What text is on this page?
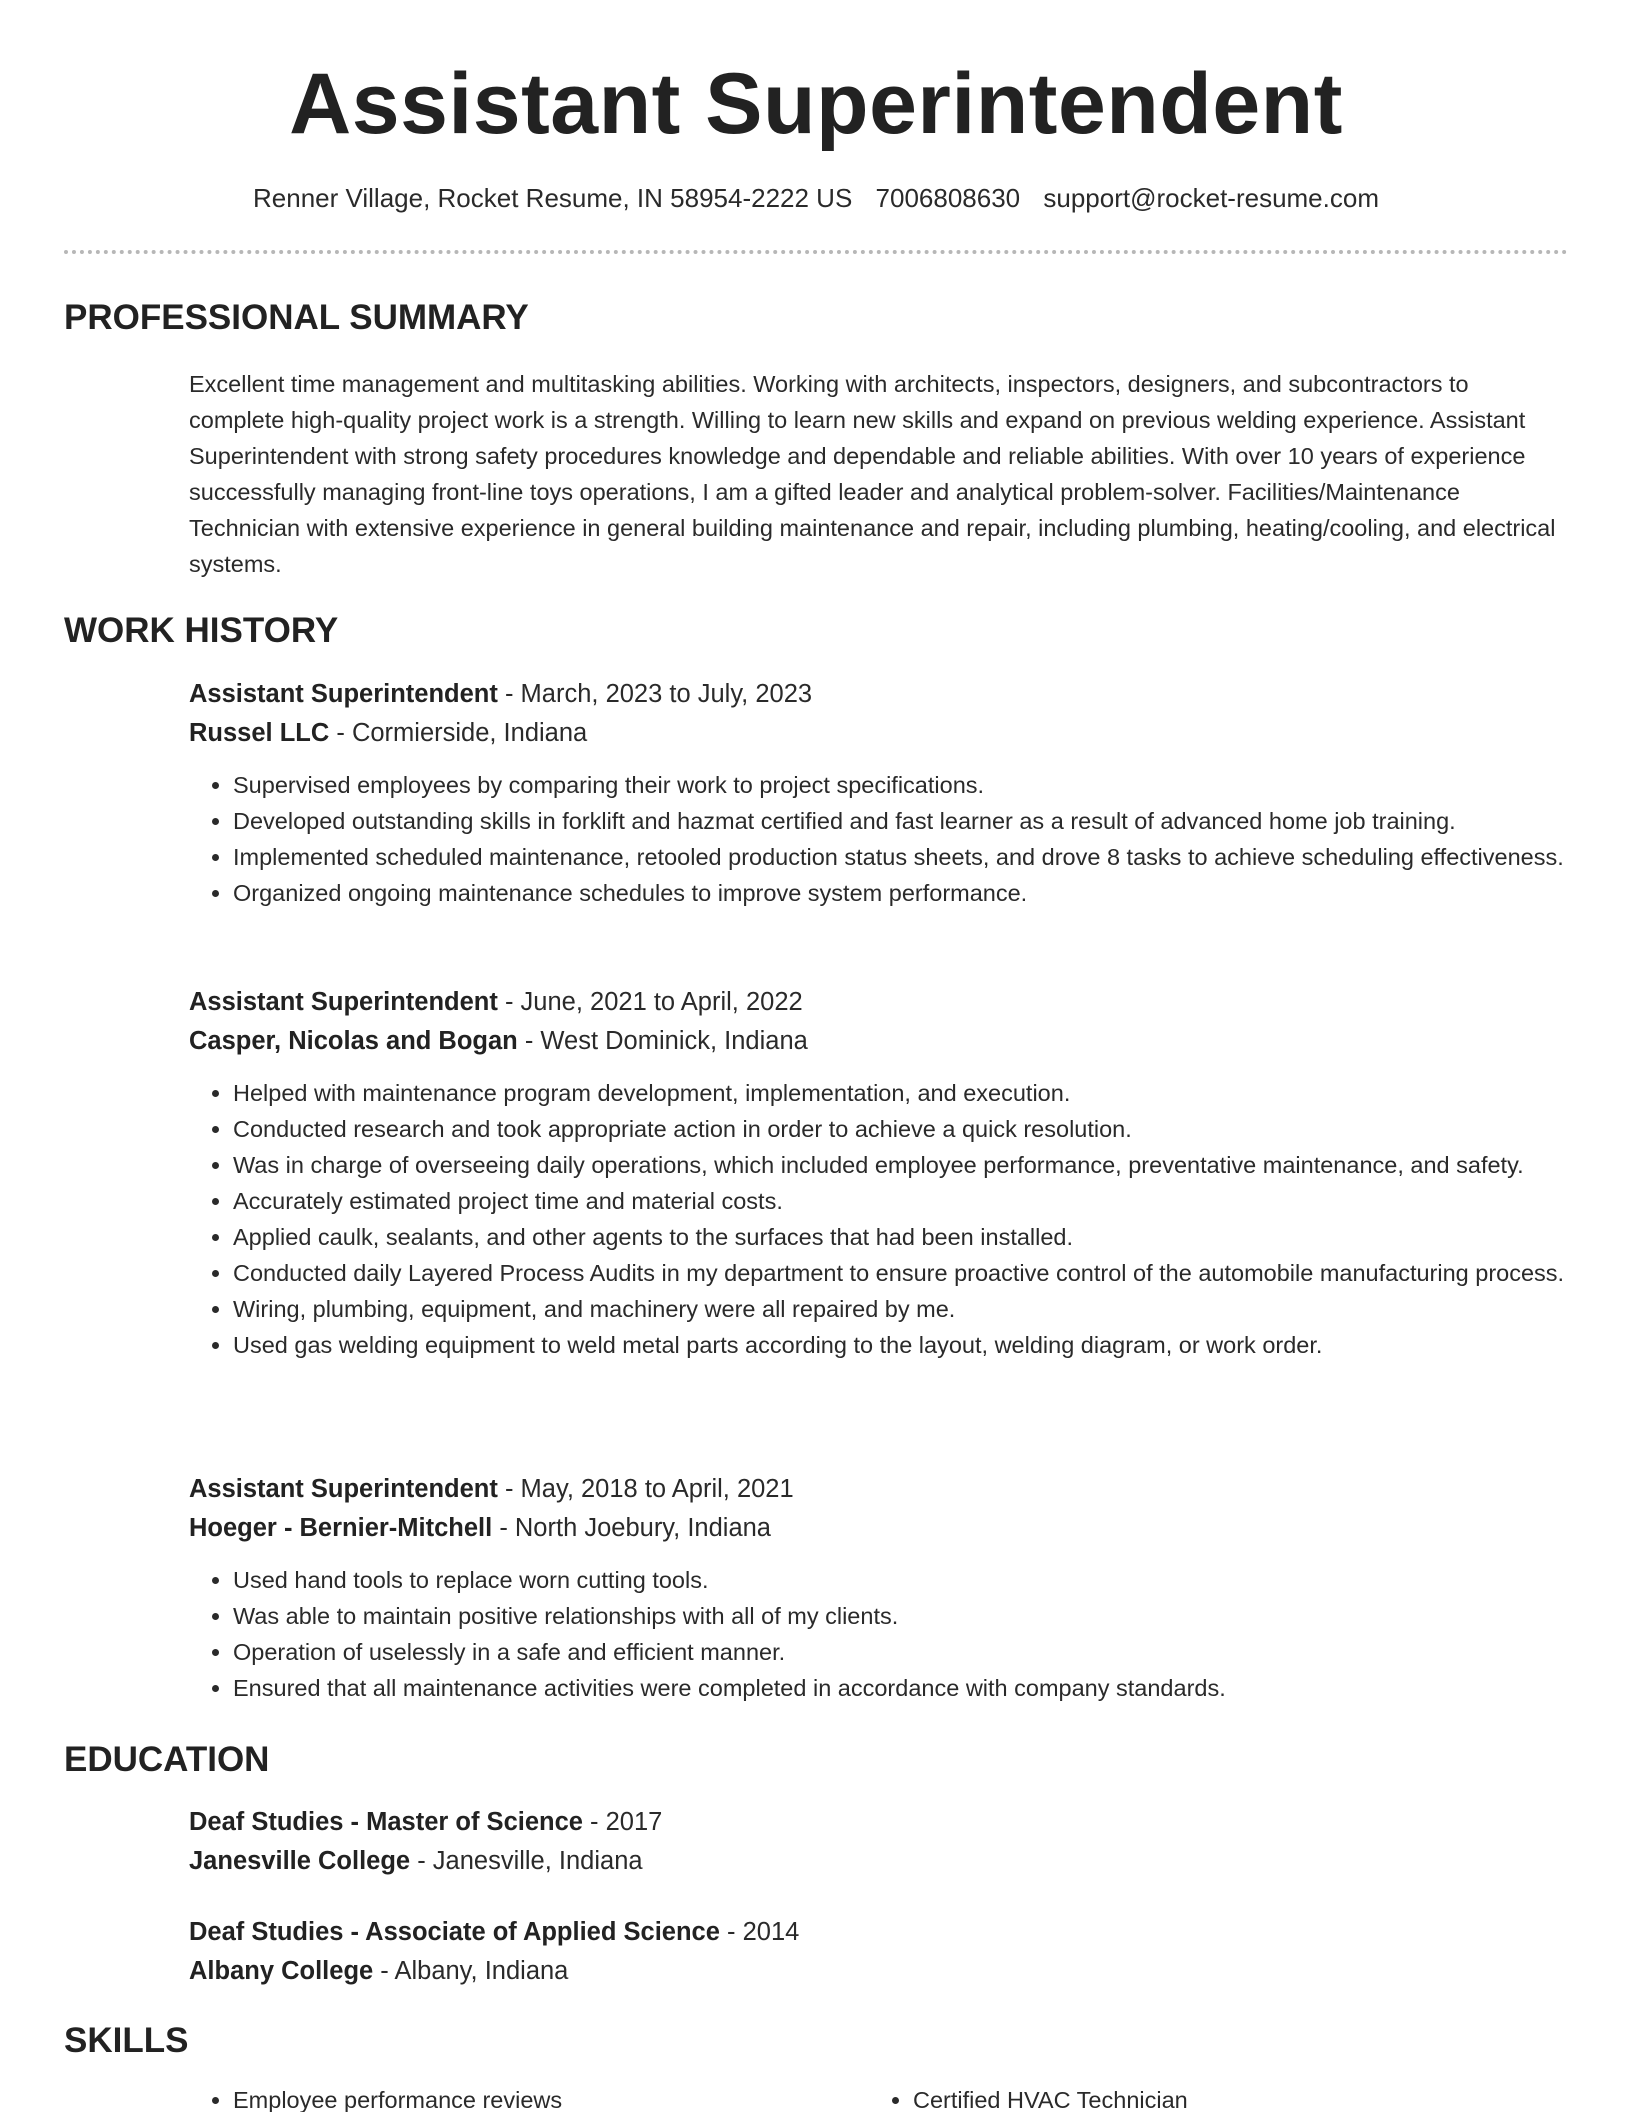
Assistant Superintendent
Renner Village, Rocket Resume, IN 58954-2222 US 7006808630 support@rocket-resume.com
PROFESSIONAL SUMMARY

Excellent time management and multitasking abilities. Working with architects, inspectors, designers, and subcontractors to complete high-quality project work is a strength. Willing to learn new skills and expand on previous welding experience. Assistant Superintendent with strong safety procedures knowledge and dependable and reliable abilities. With over 10 years of experience successfully managing front-line toys operations, I am a gifted leader and analytical problem-solver. Facilities/Maintenance Technician with extensive experience in general building maintenance and repair, including plumbing, heating/cooling, and electrical systems.

WORK HISTORY
Assistant Superintendent - March, 2023 to July, 2023
Russel LLC - Cormierside, Indiana
• Supervised employees by comparing their work to project specifications.
• Developed outstanding skills in forklift and hazmat certified and fast learner as a result of advanced home job training.
• Implemented scheduled maintenance, retooled production status sheets, and drove 8 tasks to achieve scheduling effectiveness.
• Organized ongoing maintenance schedules to improve system performance.
Assistant Superintendent - June, 2021 to April, 2022
Casper, Nicolas and Bogan - West Dominick, Indiana
• Helped with maintenance program development, implementation, and execution.
• Conducted research and took appropriate action in order to achieve a quick resolution.
• Was in charge of overseeing daily operations, which included employee performance, preventative maintenance, and safety.
• Accurately estimated project time and material costs.
• Applied caulk, sealants, and other agents to the surfaces that had been installed.
• Conducted daily Layered Process Audits in my department to ensure proactive control of the automobile manufacturing process.
• Wiring, plumbing, equipment, and machinery were all repaired by me.
• Used gas welding equipment to weld metal parts according to the layout, welding diagram, or work order.
Assistant Superintendent - May, 2018 to April, 2021
Hoeger - Bernier-Mitchell - North Joebury, Indiana
• Used hand tools to replace worn cutting tools.
• Was able to maintain positive relationships with all of my clients.
• Operation of uselessly in a safe and efficient manner.
• Ensured that all maintenance activities were completed in accordance with company standards.
EDUCATION
Deaf Studies - Master of Science - 2017
Janesville College - Janesville, Indiana
Deaf Studies - Associate of Applied Science - 2014
Albany College - Albany, Indiana
SKILLS
• Employee performance reviews
•	Certified HVAC Technician
